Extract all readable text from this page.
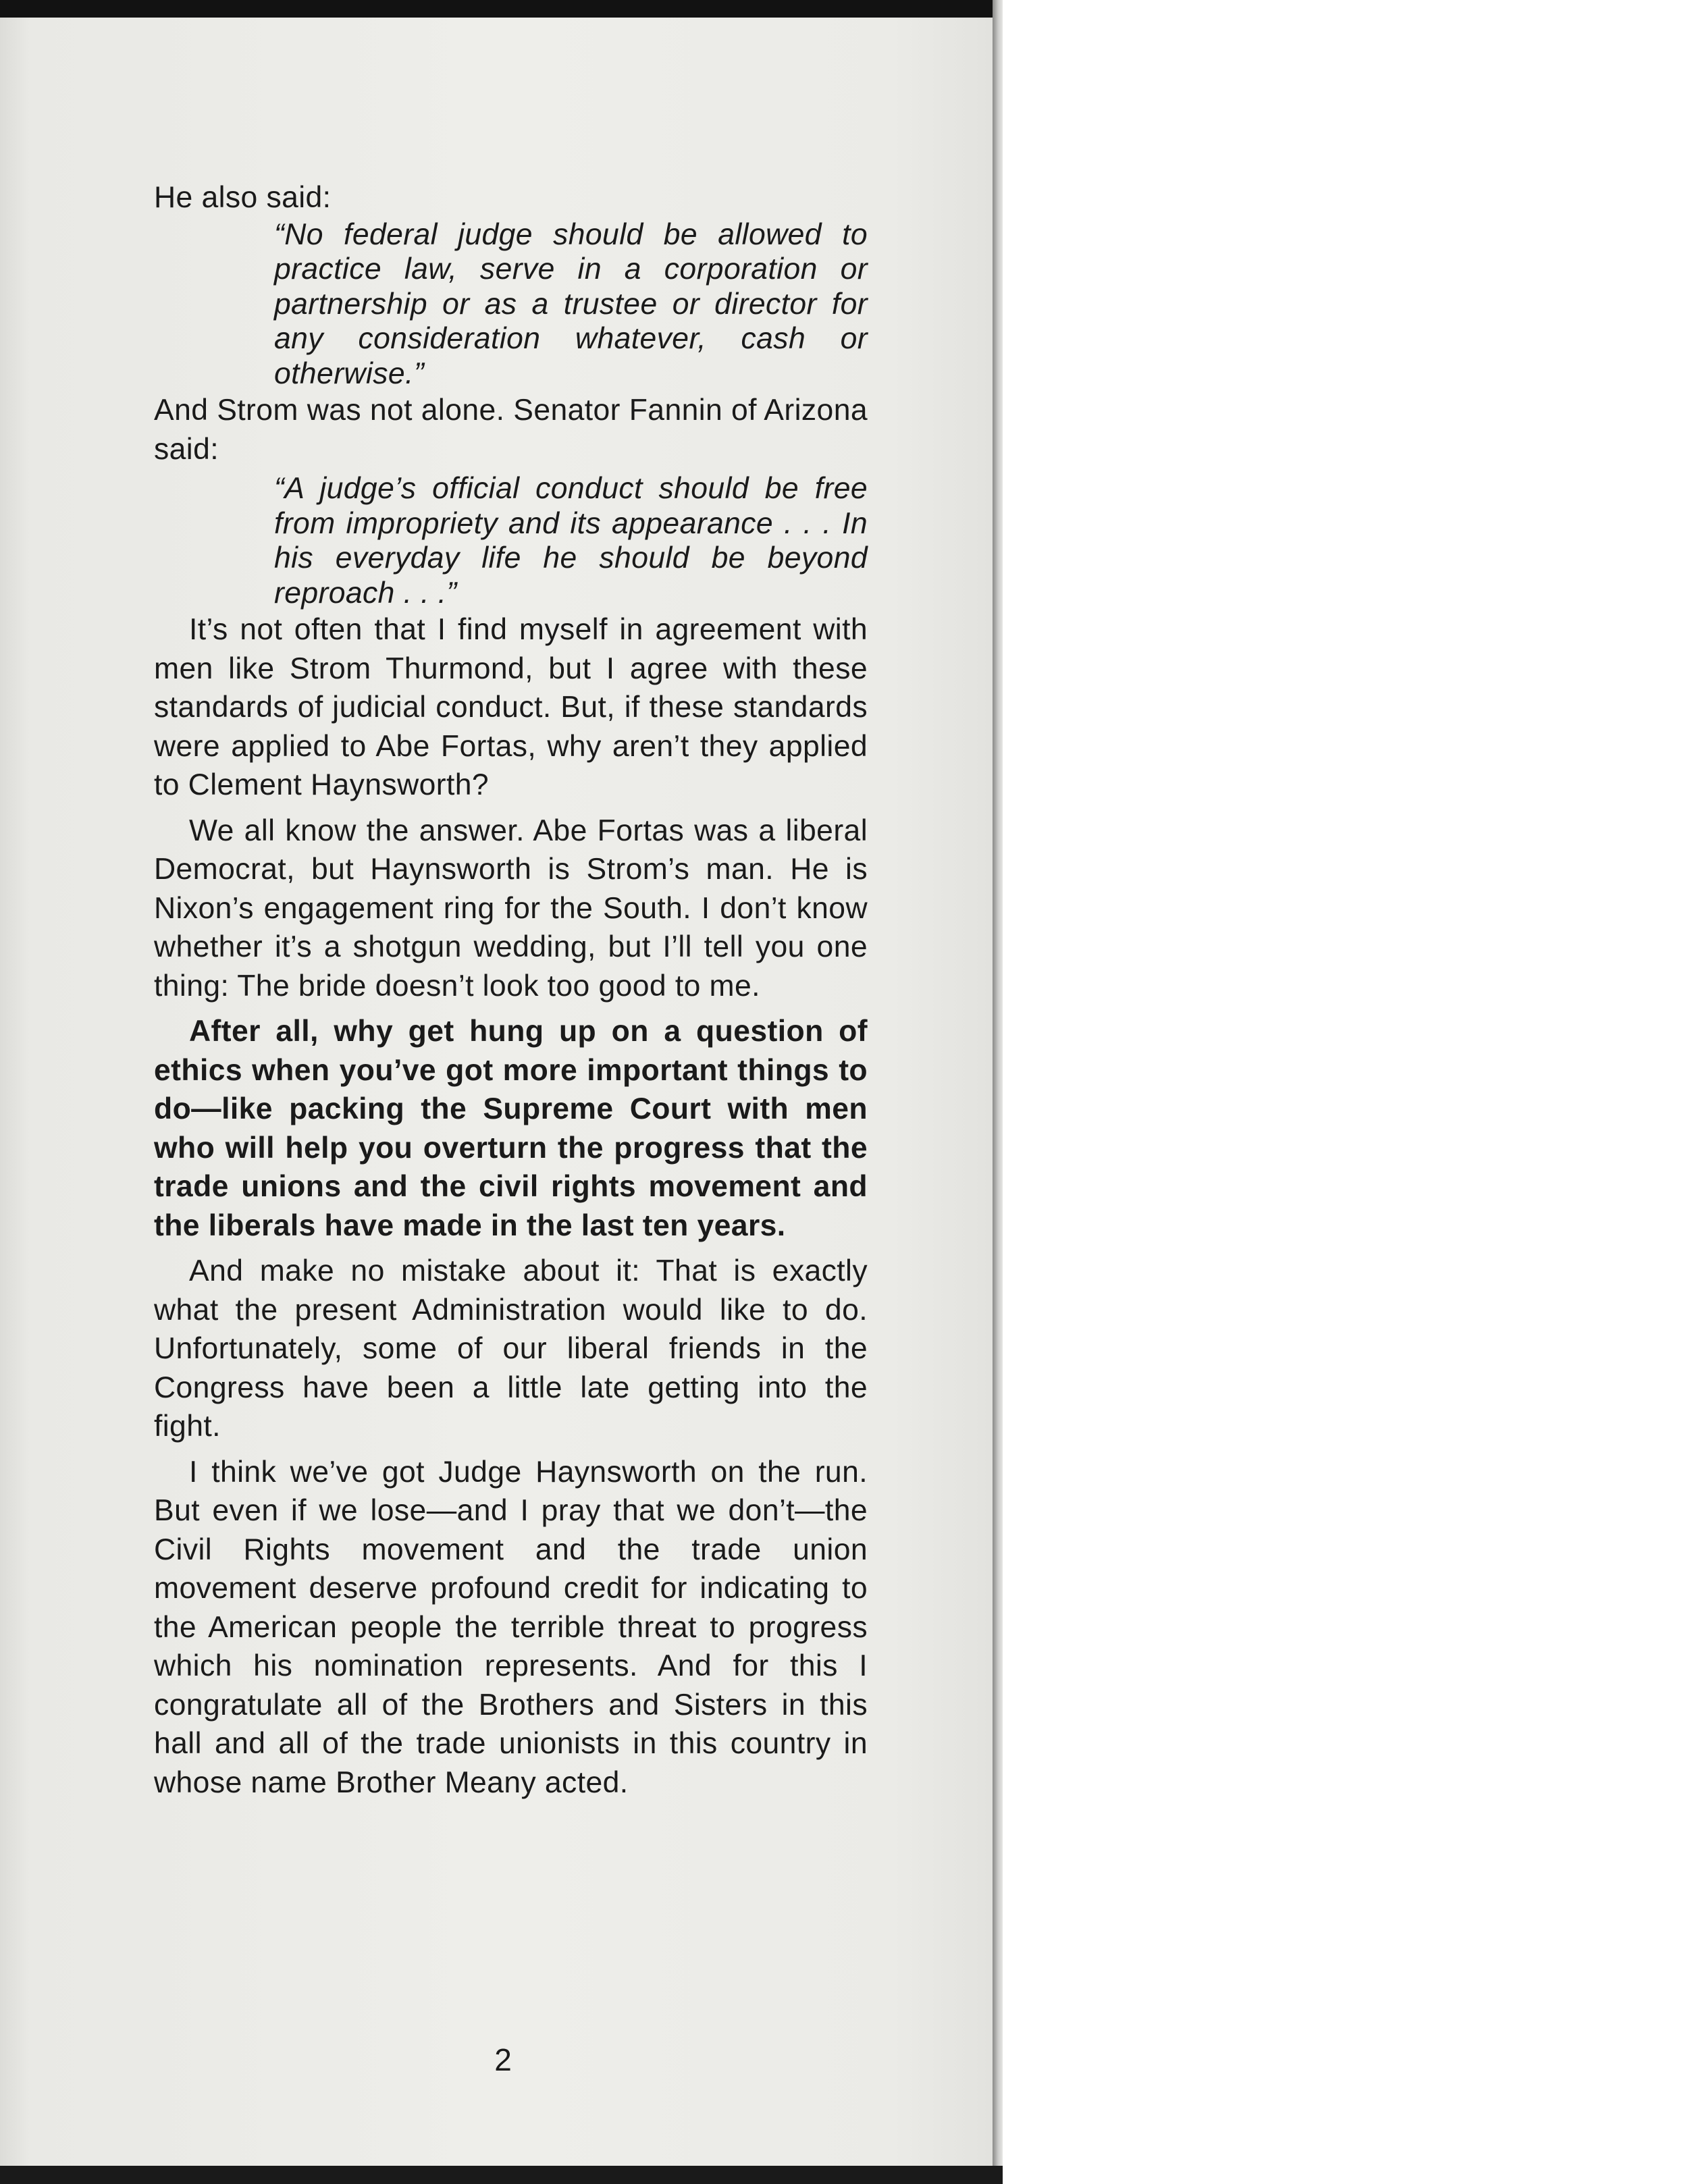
He also said:

“No federal judge should be allowed to practice law, serve in a corporation or partnership or as a trustee or director for any consideration whatever, cash or otherwise.”

And Strom was not alone. Senator Fannin of Arizona said:

“A judge’s official conduct should be free from impropriety and its appearance . . . In his everyday life he should be beyond reproach . . .”

It’s not often that I find myself in agreement with men like Strom Thurmond, but I agree with these standards of judicial conduct. But, if these standards were applied to Abe Fortas, why aren’t they applied to Clement Haynsworth?

We all know the answer. Abe Fortas was a liberal Democrat, but Haynsworth is Strom’s man. He is Nixon’s engagement ring for the South. I don’t know whether it’s a shotgun wedding, but I’ll tell you one thing: The bride doesn’t look too good to me.

After all, why get hung up on a question of ethics when you’ve got more important things to do—like packing the Supreme Court with men who will help you overturn the progress that the trade unions and the civil rights movement and the liberals have made in the last ten years.

And make no mistake about it: That is exactly what the present Administration would like to do. Unfortunately, some of our liberal friends in the Congress have been a little late getting into the fight.

I think we’ve got Judge Haynsworth on the run. But even if we lose—and I pray that we don’t—the Civil Rights movement and the trade union movement deserve profound credit for indicating to the American people the terrible threat to progress which his nomination represents. And for this I congratulate all of the Brothers and Sisters in this hall and all of the trade unionists in this country in whose name Brother Meany acted.

2
